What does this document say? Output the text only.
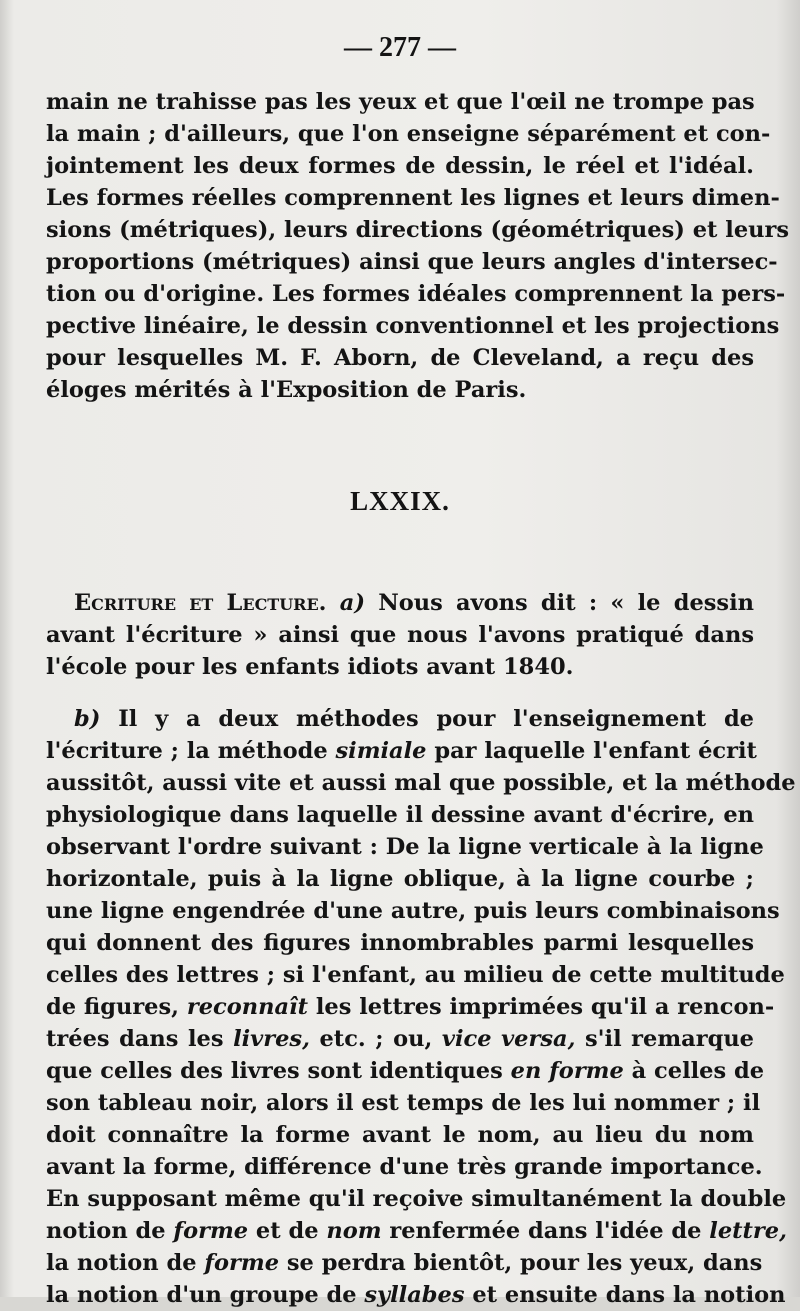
— 277 —
main ne trahisse pas les yeux et que l'œil ne trompe pas
la main ; d'ailleurs, que l'on enseigne séparément et con-
jointement les deux formes de dessin, le réel et l'idéal.
Les formes réelles comprennent les lignes et leurs dimen-
sions (métriques), leurs directions (géométriques) et leurs
proportions (métriques) ainsi que leurs angles d'intersec-
tion ou d'origine. Les formes idéales comprennent la pers-
pective linéaire, le dessin conventionnel et les projections
pour lesquelles M. F. Aborn, de Cleveland, a reçu des
éloges mérités à l'Exposition de Paris.
LXXIX.
Ecriture et Lecture. a) Nous avons dit : « le dessin
avant l'écriture » ainsi que nous l'avons pratiqué dans
l'école pour les enfants idiots avant 1840.
b) Il y a deux méthodes pour l'enseignement de
l'écriture ; la méthode simiale par laquelle l'enfant écrit
aussitôt, aussi vite et aussi mal que possible, et la méthode
physiologique dans laquelle il dessine avant d'écrire, en
observant l'ordre suivant : De la ligne verticale à la ligne
horizontale, puis à la ligne oblique, à la ligne courbe ;
une ligne engendrée d'une autre, puis leurs combinaisons
qui donnent des figures innombrables parmi lesquelles
celles des lettres ; si l'enfant, au milieu de cette multitude
de figures, reconnaît les lettres imprimées qu'il a rencon-
trées dans les livres, etc. ; ou, vice versa, s'il remarque
que celles des livres sont identiques en forme à celles de
son tableau noir, alors il est temps de les lui nommer ; il
doit connaître la forme avant le nom, au lieu du nom
avant la forme, différence d'une très grande importance.
En supposant même qu'il reçoive simultanément la double
notion de forme et de nom renfermée dans l'idée de lettre,
la notion de forme se perdra bientôt, pour les yeux, dans
la notion d'un groupe de syllabes et ensuite dans la notion
